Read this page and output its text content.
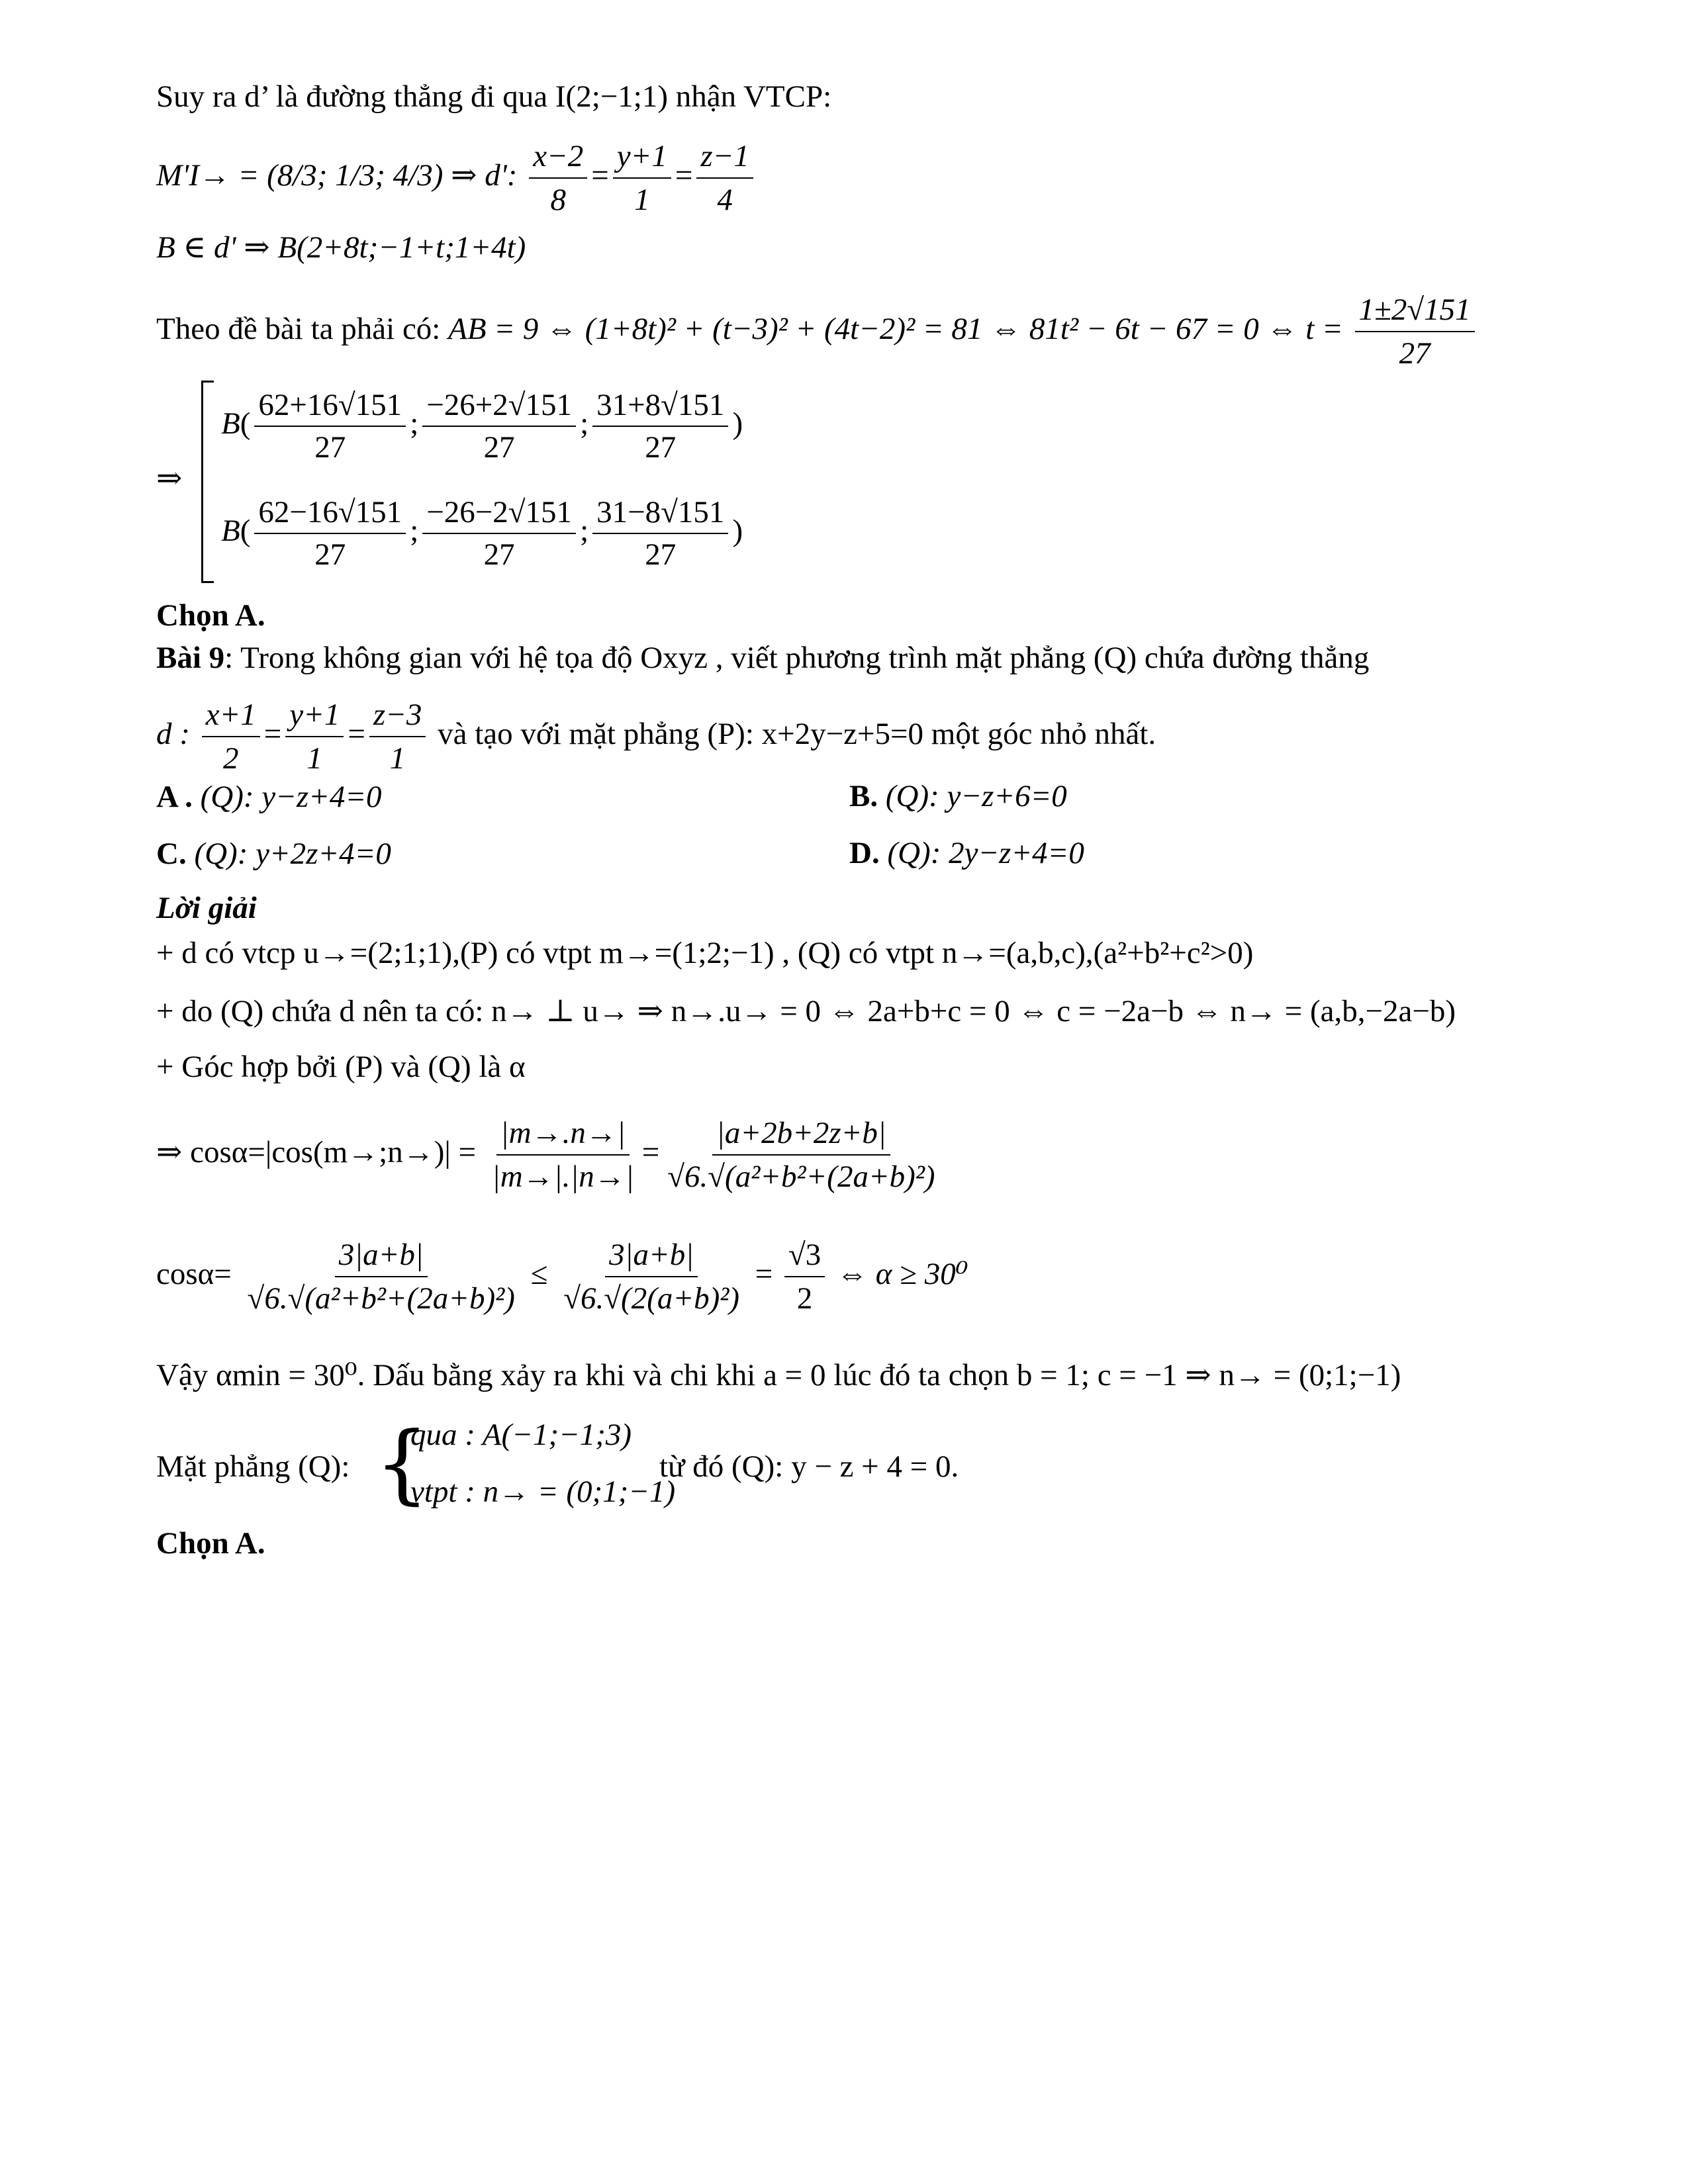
Suy ra d’ là đường thẳng đi qua I(2;−1;1) nhận VTCP:
M'I→ = (8/3; 1/3; 4/3) ⇒ d': $\frac{x-2}{8} = \frac{y+1}{1} = \frac{z-1}{4}$
B ∈ d' ⇒ B(2+8t;−1+t;1+4t)
Theo đề bài ta phải có: AB = 9 ⇔ (1+8t)² + (t−3)² + (4t−2)² = 81 ⇔ 81t² − 6t − 67 = 0 ⇔ $t = \frac{1\pm 2√151}{27}$
⇒
$B( \frac{62+16√151}{27}$ ; $\frac{-26+2√151}{27}$ ; $\frac{31+8√151}{27}$ )
$B( \frac{62-16√151}{27}$ ; $\frac{-26-2√151}{27}$ ; $\frac{31-8√151}{27}$ )
Chọn A.
Bài 9: Trong không gian với hệ tọa độ Oxyz , viết phương trình mặt phẳng (Q) chứa đường thẳng
d : $\frac{x+1}{2} = \frac{y+1}{1} = \frac{z-3}{1}$ và tạo với mặt phẳng (P): x+2y−z+5=0 một góc nhỏ nhất.
A . (Q): y−z+4=0	B. (Q): y−z+6=0
C. (Q): y+2z+4=0	D. (Q): 2y−z+4=0
Lời giải
+ d có vtcp u→=(2;1;1),(P) có vtpt m→=(1;2;−1) , (Q) có vtpt n→=(a,b,c),(a²+b²+c²>0)
+ do (Q) chứa d nên ta có: n→ ⊥ u→ ⇒ n→.u→ = 0 ⇔ 2a+b+c = 0 ⇔ c = −2a−b ⇔ n→ = (a,b,−2a−b)
+ Góc hợp bởi (P) và (Q) là α
⇒ cosα=|cos(m→;n→)| = $\frac{|m\to.n\to|}{|m\to|.|n\to|} = \frac{|a+2b+2z+b|}{\text{√6.√(a²+b²+(2a+b)²)}}$
$\cos\alpha= \frac{3|a+b|}{\text{√6.√(a²+b²+(2a+b)²)}} \le \frac{3|a+b|}{\text{√6.√(2(a+b)²)}} = \frac{√3}{2}$ ⇔ α ≥ 30⁰
Vậy αmin = 30⁰. Dấu bằng xảy ra khi và chi khi a = 0 lúc đó ta chọn b = 1; c = −1 ⇒ n→ = (0;1;−1)
Mặt phẳng (Q): {
qua : A(−1;−1;3)
vtpt : n→ = (0;1;−1)
từ đó (Q): y − z + 4 = 0.
Chọn A.
